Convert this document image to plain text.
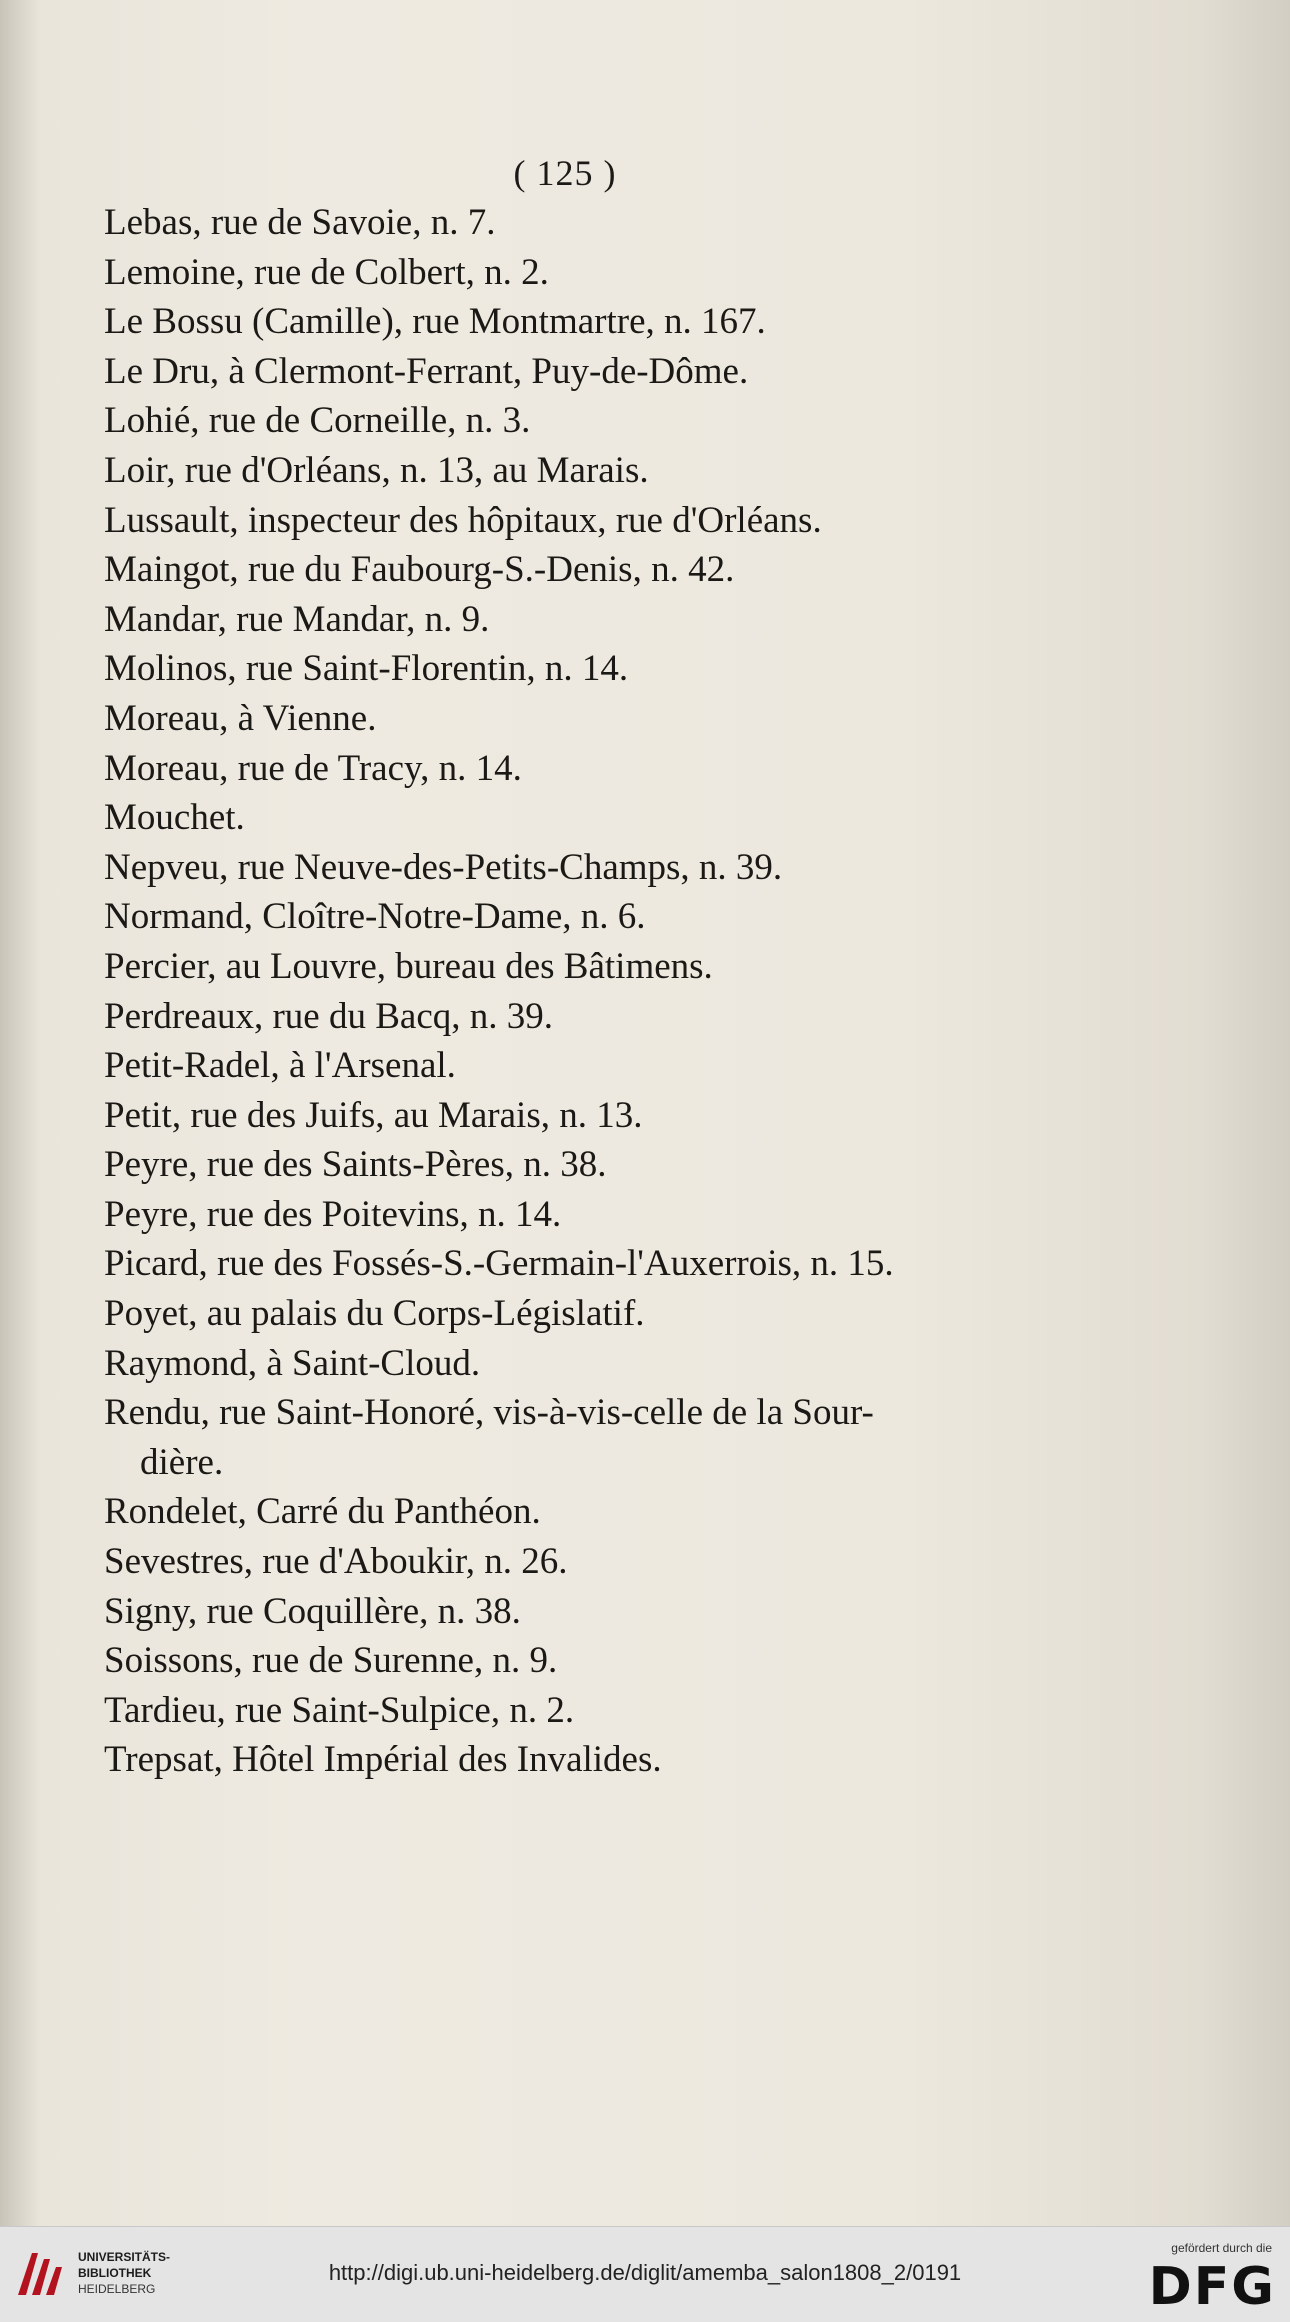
( 125 )
Lebas, rue de Savoie, n. 7.
Lemoine, rue de Colbert, n. 2.
Le Bossu (Camille), rue Montmartre, n. 167.
Le Dru, à Clermont-Ferrant, Puy-de-Dôme.
Lohié, rue de Corneille, n. 3.
Loir, rue d'Orléans, n. 13, au Marais.
Lussault, inspecteur des hôpitaux, rue d'Orléans.
Maingot, rue du Faubourg-S.-Denis, n. 42.
Mandar, rue Mandar, n. 9.
Molinos, rue Saint-Florentin, n. 14.
Moreau, à Vienne.
Moreau, rue de Tracy, n. 14.
Mouchet.
Nepveu, rue Neuve-des-Petits-Champs, n. 39.
Normand, Cloître-Notre-Dame, n. 6.
Percier, au Louvre, bureau des Bâtimens.
Perdreaux, rue du Bacq, n. 39.
Petit-Radel, à l'Arsenal.
Petit, rue des Juifs, au Marais, n. 13.
Peyre, rue des Saints-Pères, n. 38.
Peyre, rue des Poitevins, n. 14.
Picard, rue des Fossés-S.-Germain-l'Auxerrois, n. 15.
Poyet, au palais du Corps-Législatif.
Raymond, à Saint-Cloud.
Rendu, rue Saint-Honoré, vis-à-vis-celle de la Sour-
dière.
Rondelet, Carré du Panthéon.
Sevestres, rue d'Aboukir, n. 26.
Signy, rue Coquillère, n. 38.
Soissons, rue de Surenne, n. 9.
Tardieu, rue Saint-Sulpice, n. 2.
Trepsat, Hôtel Impérial des Invalides.
UNIVERSITÄTS-
BIBLIOTHEK
HEIDELBERG
http://digi.ub.uni-heidelberg.de/diglit/amemba_salon1808_2/0191
gefördert durch die
DFG
